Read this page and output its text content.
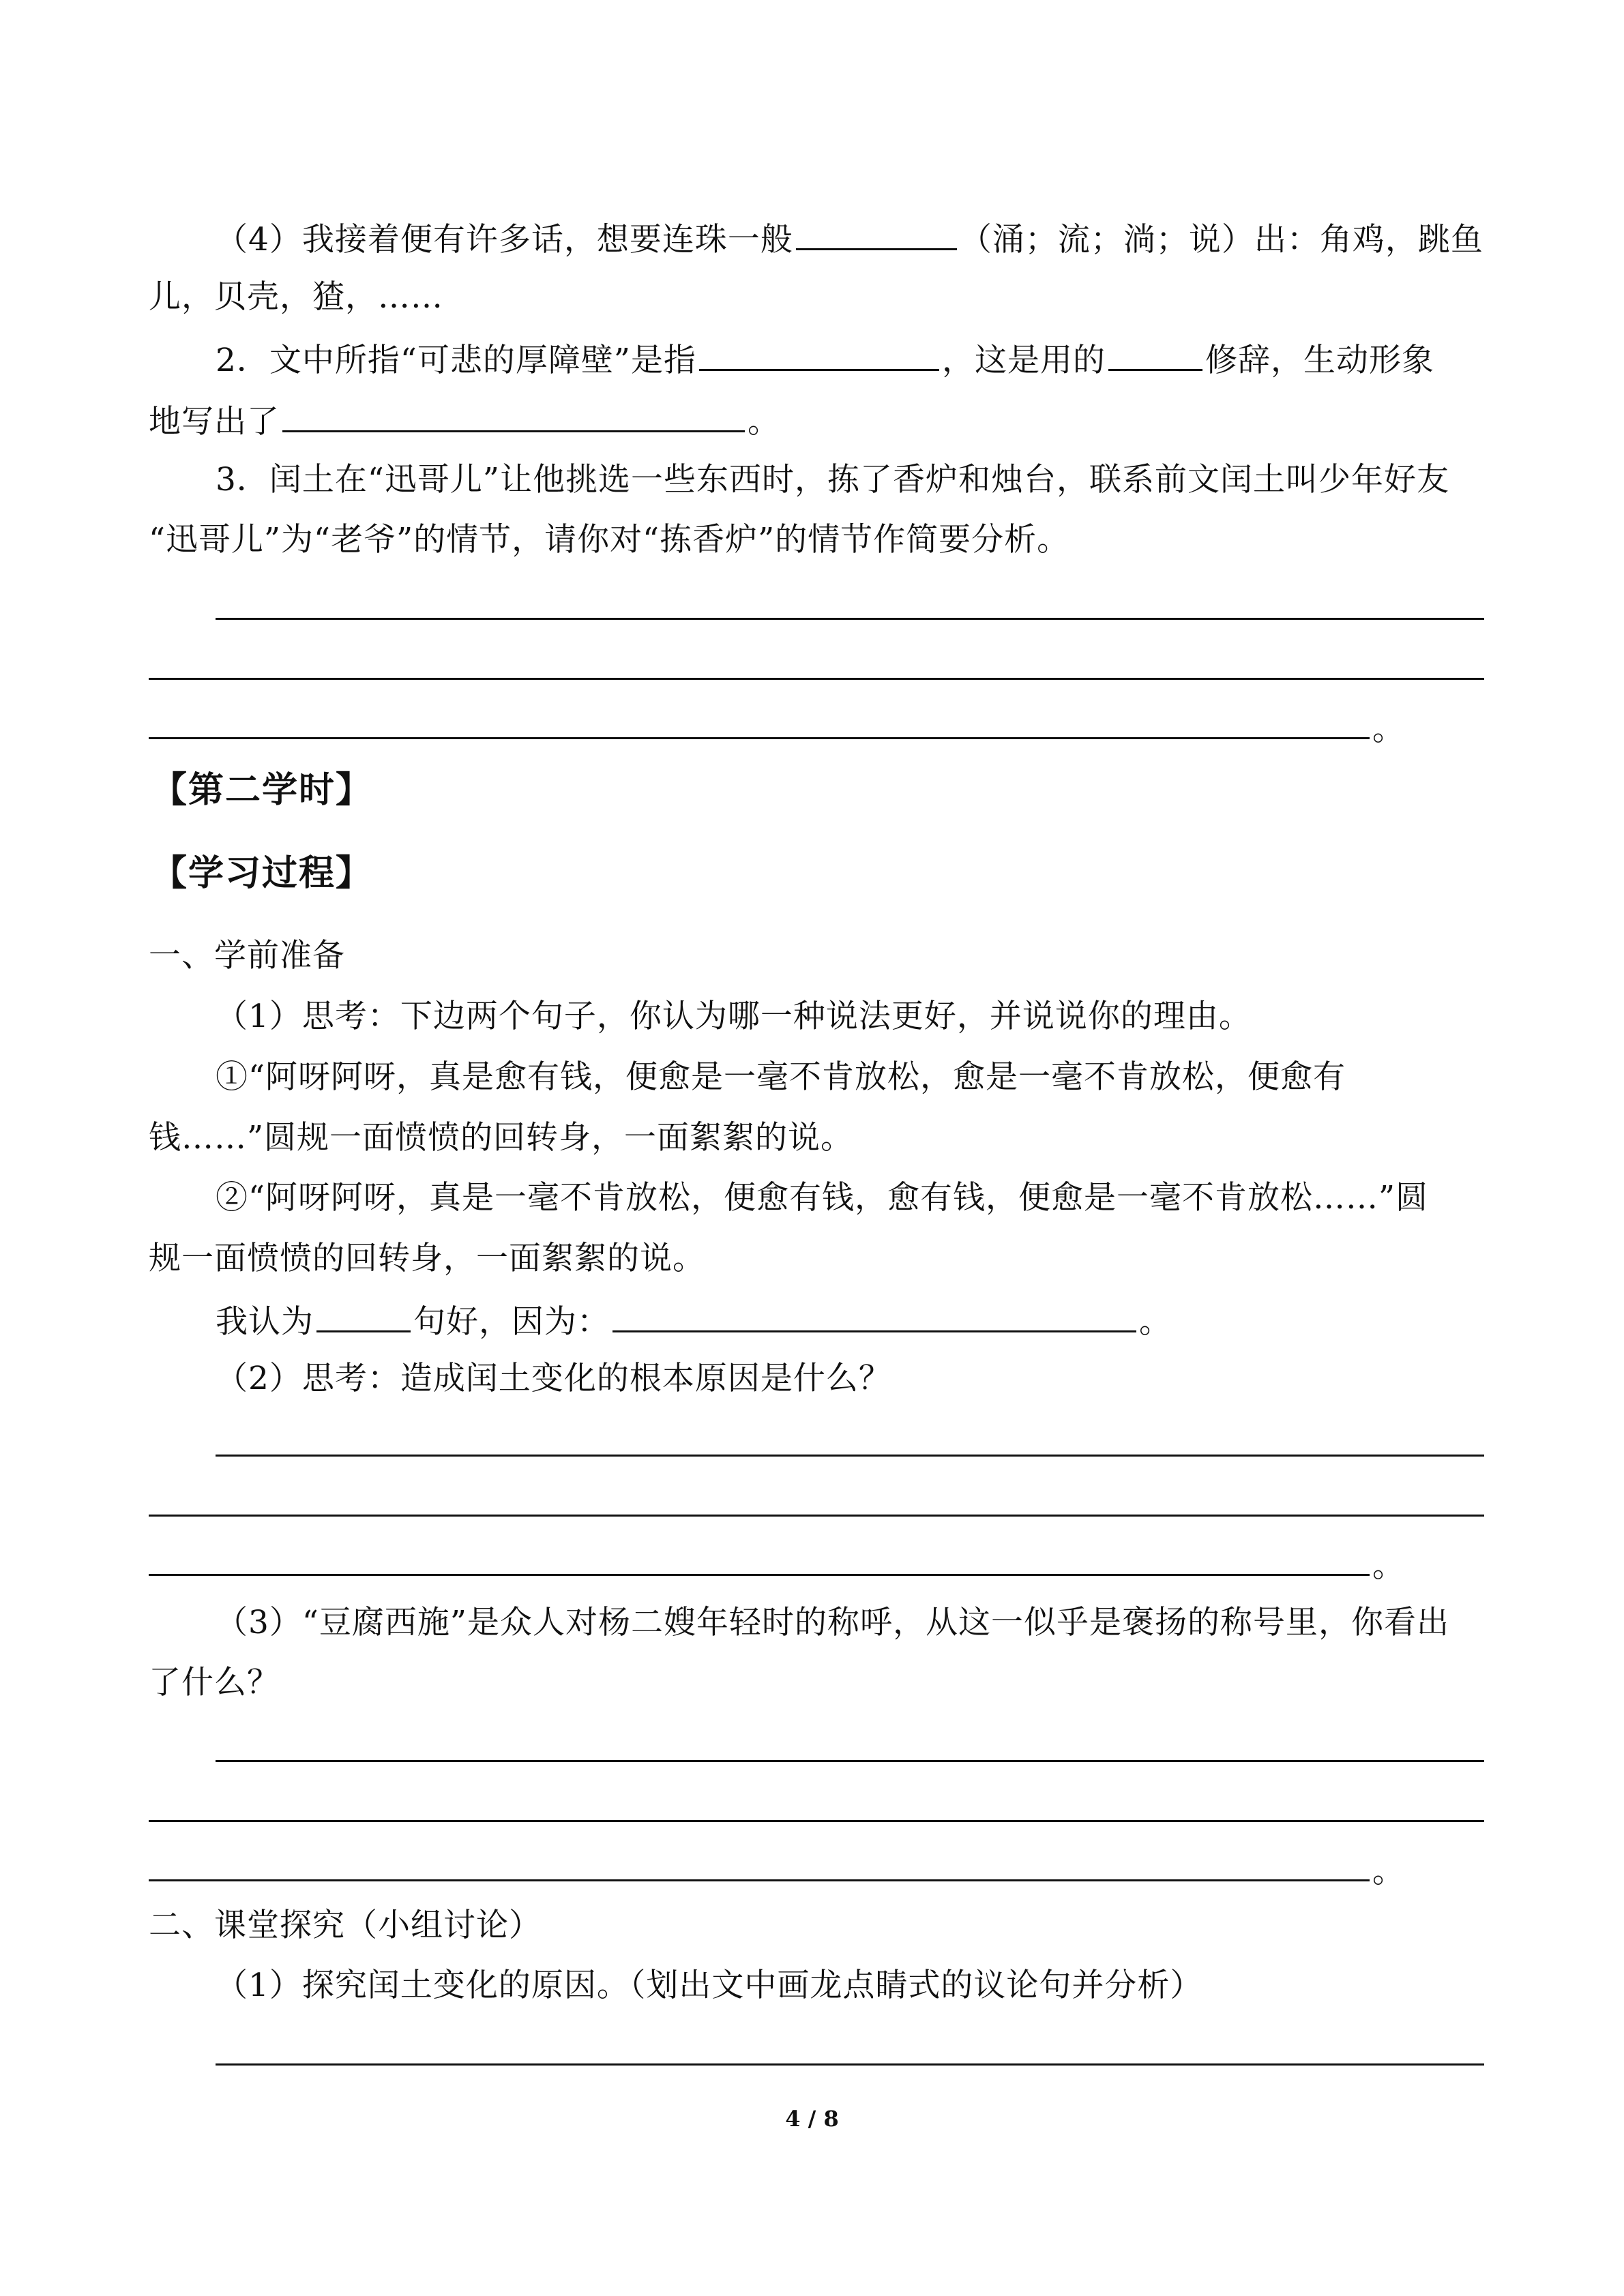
（4）我接着便有许多话，想要连珠一般	（涌；流；淌；说）出：角鸡，跳鱼
儿，贝壳，猹，……
2．文中所指“可悲的厚障壁”是指	，这是用的	修辞，生动形象
地写出了	。
3．闰土在“迅哥儿”让他挑选一些东西时，拣了香炉和烛台，联系前文闰土叫少年好友
“迅哥儿”为“老爷”的情节，请你对“拣香炉”的情节作简要分析。
。
【第二学时】
【学习过程】
一、学前准备
（1）思考：下边两个句子，你认为哪一种说法更好，并说说你的理由。
①“阿呀阿呀，真是愈有钱，便愈是一毫不肯放松，愈是一毫不肯放松，便愈有
钱……”圆规一面愤愤的回转身，一面絮絮的说。
②“阿呀阿呀，真是一毫不肯放松，便愈有钱，愈有钱，便愈是一毫不肯放松……”圆
规一面愤愤的回转身，一面絮絮的说。
我认为	句好，因为：	。
（2）思考：造成闰土变化的根本原因是什么？
。
（3）“豆腐西施”是众人对杨二嫂年轻时的称呼，从这一似乎是褒扬的称号里，你看出
了什么？
。
二、课堂探究（小组讨论）
（1）探究闰土变化的原因。（划出文中画龙点睛式的议论句并分析）
4 / 8
